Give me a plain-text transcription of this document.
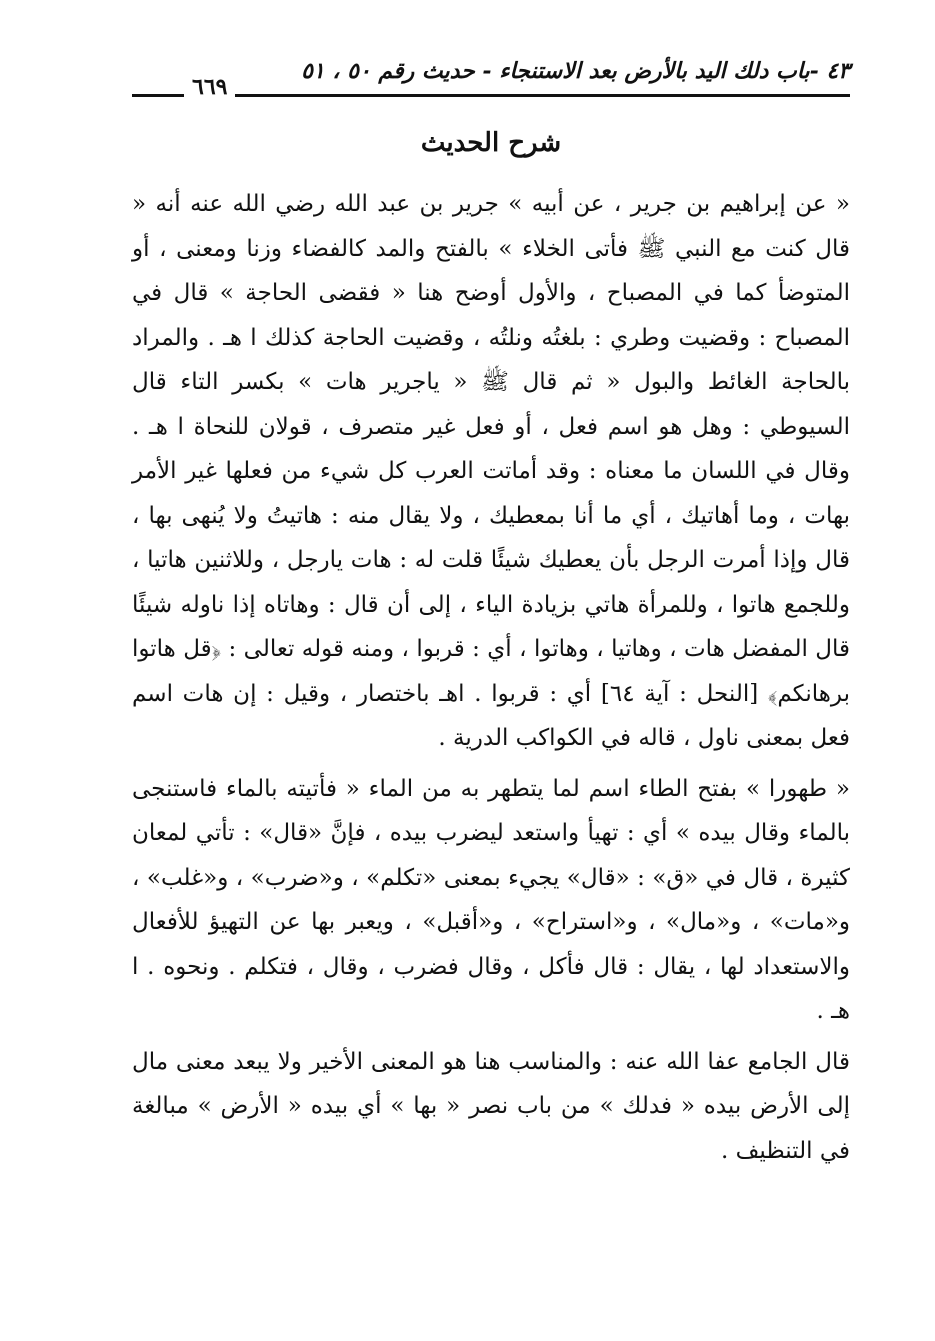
٤٣ -باب دلك اليد بالأرض بعد الاستنجاء - حديث رقم ٥٠ ، ٥١
٦٦٩
شرح الحديث

« عن إبراهيم بن جرير ، عن أبيه » جرير بن عبد الله رضي الله عنه أنه « قال كنت مع النبي ﷺ فأتى الخلاء » بالفتح والمد كالفضاء وزنا ومعنى ، أو المتوضأ كما في المصباح ، والأول أوضح هنا « فقضى الحاجة » قال في المصباح : وقضيت وطري : بلغتُه ونلتُه ، وقضيت الحاجة كذلك ا هـ . والمراد بالحاجة الغائط والبول « ثم قال ﷺ « ياجرير هات » بكسر التاء قال السيوطي : وهل هو اسم فعل ، أو فعل غير متصرف ، قولان للنحاة ا هـ . وقال في اللسان ما معناه : وقد أماتت العرب كل شيء من فعلها غير الأمر بهات ، وما أهاتيك ، أي ما أنا بمعطيك ، ولا يقال منه : هاتيتُ ولا يُنهى بها ، قال وإذا أمرت الرجل بأن يعطيك شيئًا قلت له : هات يارجل ، وللاثنين هاتيا ، وللجمع هاتوا ، وللمرأة هاتي بزيادة الياء ، إلى أن قال : وهاتاه إذا ناوله شيئًا قال المفضل هات ، وهاتيا ، وهاتوا ، أي : قربوا ، ومنه قوله تعالى : ﴿قل هاتوا برهانكم﴾ [النحل : آية ٦٤] أي : قربوا . اهـ باختصار ، وقيل : إن هات اسم فعل بمعنى ناول ، قاله في الكواكب الدرية .

« طهورا » بفتح الطاء اسم لما يتطهر به من الماء « فأتيته بالماء فاستنجى بالماء وقال بيده » أي : تهيأ واستعد ليضرب بيده ، فإنَّ «قال» : تأتي لمعان كثيرة ، قال في «ق» : «قال» يجيء بمعنى «تكلم» ، و«ضرب» ، و«غلب» ، و«مات» ، و«مال» ، و«استراح» ، و«أقبل» ، ويعبر بها عن التهيؤ للأفعال والاستعداد لها ، يقال : قال فأكل ، وقال فضرب ، وقال ، فتكلم . ونحوه . ا هـ .

قال الجامع عفا الله عنه : والمناسب هنا هو المعنى الأخير ولا يبعد معنى مال إلى الأرض بيده « فدلك » من باب نصر « بها » أي بيده « الأرض » مبالغة في التنظيف .
